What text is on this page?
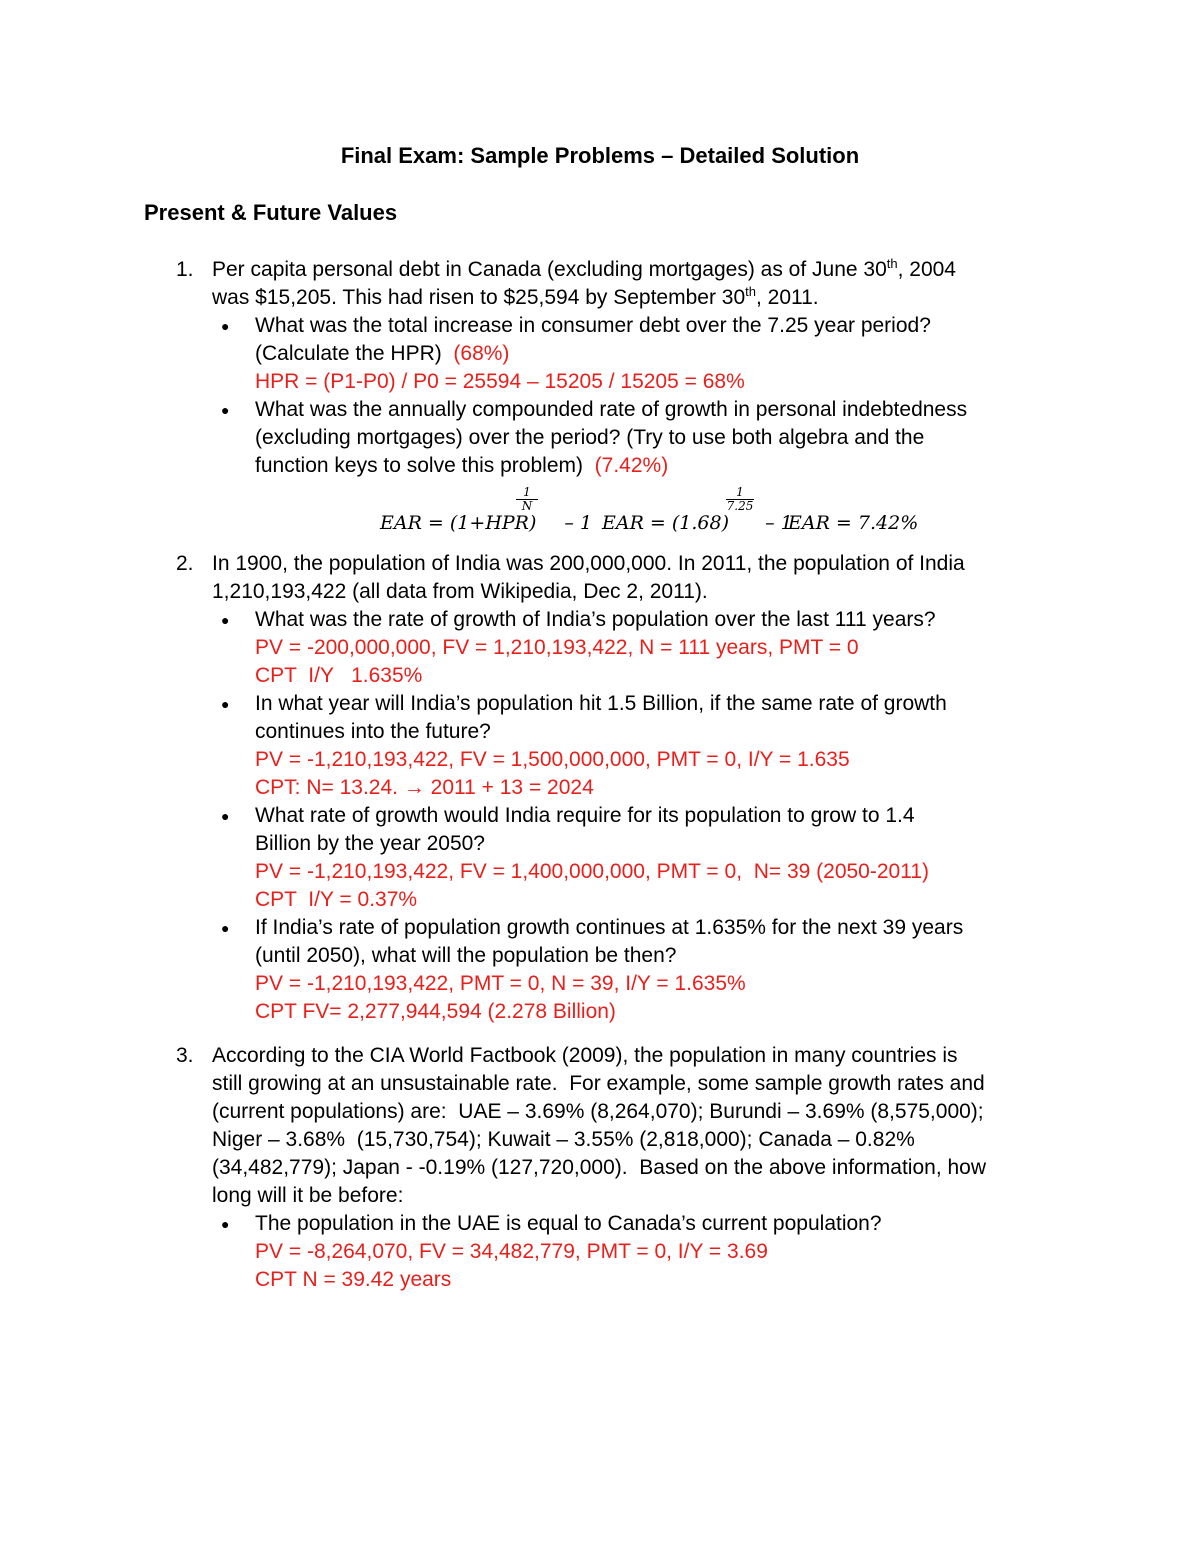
Final Exam: Sample Problems – Detailed Solution
Present & Future Values
1. Per capita personal debt in Canada (excluding mortgages) as of June 30th, 2004
was $15,205. This had risen to $25,594 by September 30th, 2011.
● What was the total increase in consumer debt over the 7.25 year period?
(Calculate the HPR) (68%)
HPR = (P1-P0) / P0 = 25594 – 15205 / 15205 = 68%
● What was the annually compounded rate of growth in personal indebtedness
(excluding mortgages) over the period? (Try to use both algebra and the
function keys to solve this problem) (7.42%)
EAR = (1+HPR)
$\frac{1}{N}$
– 1 EAR = (1.68)
$\frac{1}{7.25}$
– 1
EAR = 7.42%
2. In 1900, the population of India was 200,000,000. In 2011, the population of India
1,210,193,422 (all data from Wikipedia, Dec 2, 2011).
● What was the rate of growth of India’s population over the last 111 years?
PV = -200,000,000, FV = 1,210,193,422, N = 111 years, PMT = 0
CPT  I/Y   1.635%
● In what year will India’s population hit 1.5 Billion, if the same rate of growth
continues into the future?
PV = -1,210,193,422, FV = 1,500,000,000, PMT = 0, I/Y = 1.635
CPT: N= 13.24. → 2011 + 13 = 2024
● What rate of growth would India require for its population to grow to 1.4
Billion by the year 2050?
PV = -1,210,193,422, FV = 1,400,000,000, PMT = 0,  N= 39 (2050-2011)
CPT  I/Y = 0.37%
● If India’s rate of population growth continues at 1.635% for the next 39 years
(until 2050), what will the population be then?
PV = -1,210,193,422, PMT = 0, N = 39, I/Y = 1.635%
CPT FV= 2,277,944,594 (2.278 Billion)
3. According to the CIA World Factbook (2009), the population in many countries is
still growing at an unsustainable rate.  For example, some sample growth rates and
(current populations) are:  UAE – 3.69% (8,264,070); Burundi – 3.69% (8,575,000);
Niger – 3.68%  (15,730,754); Kuwait – 3.55% (2,818,000); Canada – 0.82%
(34,482,779); Japan - -0.19% (127,720,000).  Based on the above information, how
long will it be before:
● The population in the UAE is equal to Canada’s current population?
PV = -8,264,070, FV = 34,482,779, PMT = 0, I/Y = 3.69
CPT N = 39.42 years
